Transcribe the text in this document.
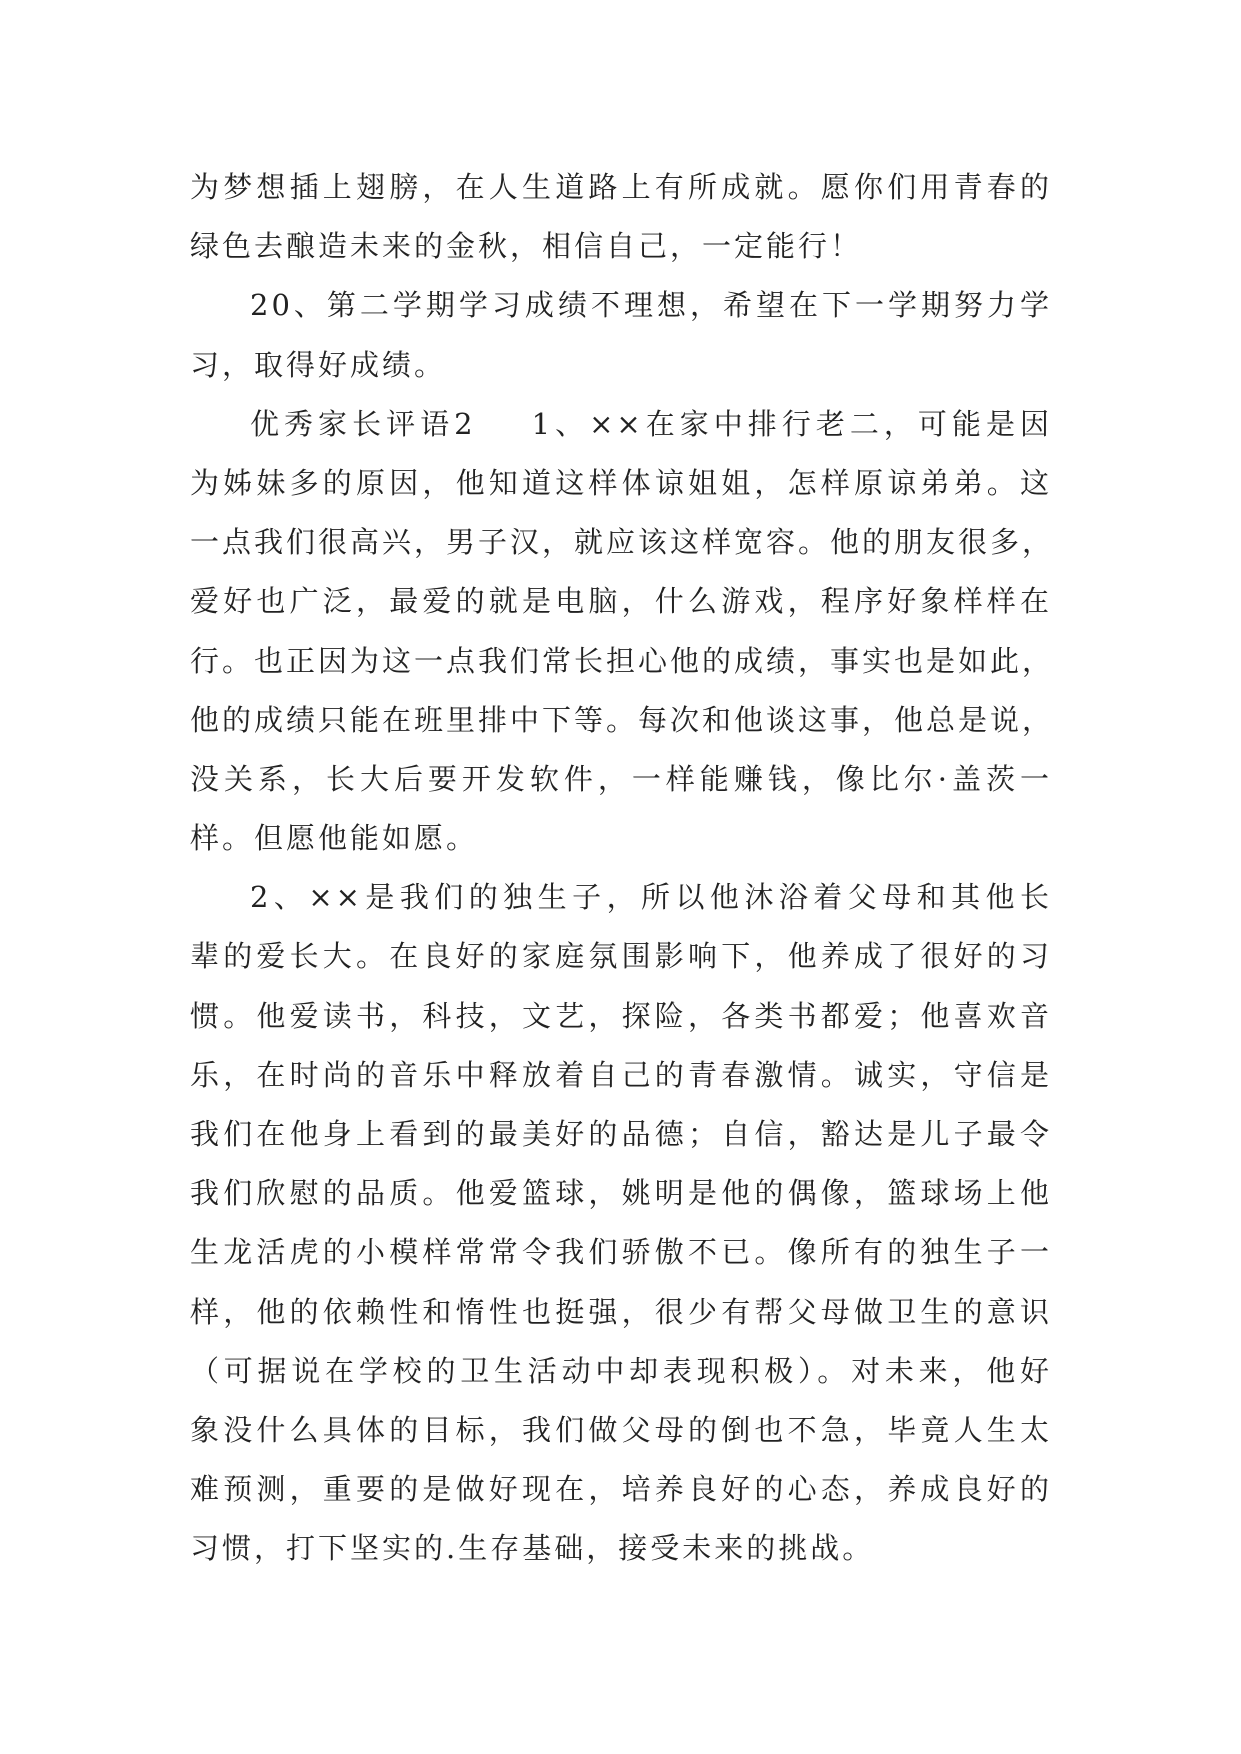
为梦想插上翅膀，在人生道路上有所成就。愿你们用青春的
绿色去酿造未来的金秋，相信自己，一定能行！
20、第二学期学习成绩不理想，希望在下一学期努力学
习，取得好成绩。
优秀家长评语2 1、××在家中排行老二，可能是因
为姊妹多的原因，他知道这样体谅姐姐，怎样原谅弟弟。这
一点我们很高兴，男子汉，就应该这样宽容。他的朋友很多，
爱好也广泛，最爱的就是电脑，什么游戏，程序好象样样在
行。也正因为这一点我们常长担心他的成绩，事实也是如此，
他的成绩只能在班里排中下等。每次和他谈这事，他总是说，
没关系，长大后要开发软件，一样能赚钱，像比尔·盖茨一
样。但愿他能如愿。
2、××是我们的独生子，所以他沐浴着父母和其他长
辈的爱长大。在良好的家庭氛围影响下，他养成了很好的习
惯。他爱读书，科技，文艺，探险，各类书都爱；他喜欢音
乐，在时尚的音乐中释放着自己的青春激情。诚实，守信是
我们在他身上看到的最美好的品德；自信，豁达是儿子最令
我们欣慰的品质。他爱篮球，姚明是他的偶像，篮球场上他
生龙活虎的小模样常常令我们骄傲不已。像所有的独生子一
样，他的依赖性和惰性也挺强，很少有帮父母做卫生的意识
（可据说在学校的卫生活动中却表现积极）。对未来，他好
象没什么具体的目标，我们做父母的倒也不急，毕竟人生太
难预测，重要的是做好现在，培养良好的心态，养成良好的
习惯，打下坚实的.生存基础，接受未来的挑战。
